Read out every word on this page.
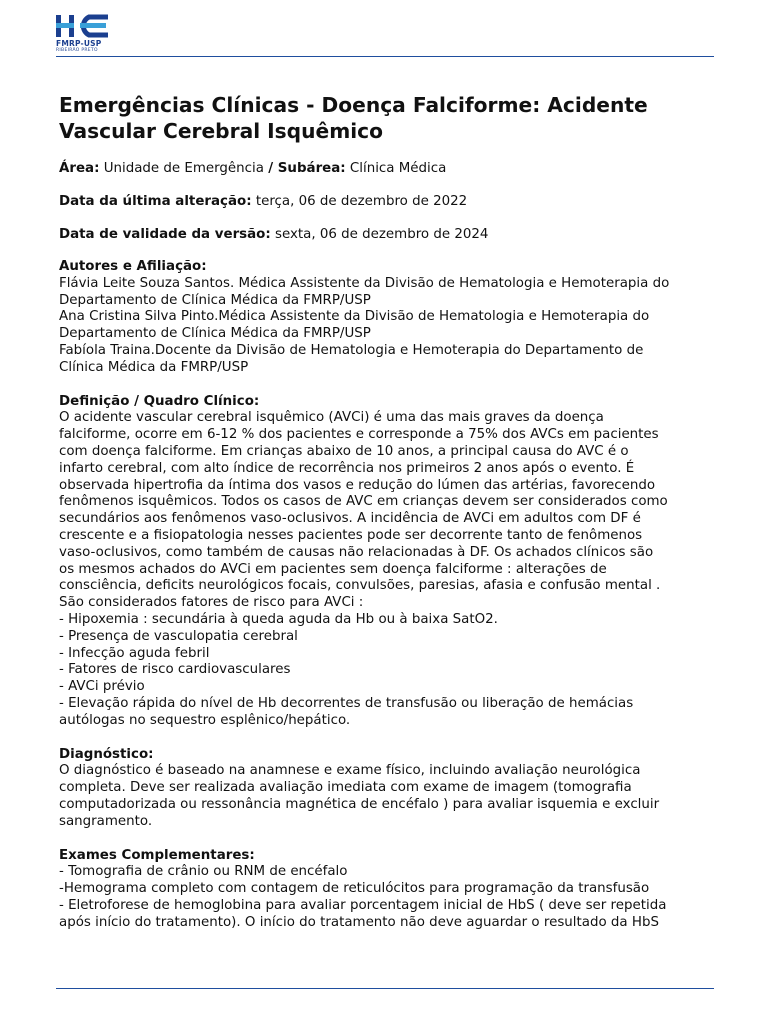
FMRP-USP
RIBEIRÃO PRETO
Emergências Clínicas - Doença Falciforme: Acidente
Vascular Cerebral Isquêmico

Área: Unidade de Emergência / Subárea: Clínica Médica

Data da última alteração: terça, 06 de dezembro de 2022

Data de validade da versão: sexta, 06 de dezembro de 2024

Autores e Afiliação:
Flávia Leite Souza Santos. Médica Assistente da Divisão de Hematologia e Hemoterapia do
Departamento de Clínica Médica da FMRP/USP
Ana Cristina Silva Pinto.Médica Assistente da Divisão de Hematologia e Hemoterapia do
Departamento de Clínica Médica da FMRP/USP
Fabíola Traina.Docente da Divisão de Hematologia e Hemoterapia do Departamento de
Clínica Médica da FMRP/USP
Definição / Quadro Clínico:
O acidente vascular cerebral isquêmico (AVCi) é uma das mais graves da doença
falciforme, ocorre em 6-12 % dos pacientes e corresponde a 75% dos AVCs em pacientes
com doença falciforme. Em crianças abaixo de 10 anos, a principal causa do AVC é o
infarto cerebral, com alto índice de recorrência nos primeiros 2 anos após o evento. É
observada hipertrofia da íntima dos vasos e redução do lúmen das artérias, favorecendo
fenômenos isquêmicos. Todos os casos de AVC em crianças devem ser considerados como
secundários aos fenômenos vaso-oclusivos. A incidência de AVCi em adultos com DF é
crescente e a fisiopatologia nesses pacientes pode ser decorrente tanto de fenômenos
vaso-oclusivos, como também de causas não relacionadas à DF. Os achados clínicos são
os mesmos achados do AVCi em pacientes sem doença falciforme : alterações de
consciência, deficits neurológicos focais, convulsões, paresias, afasia e confusão mental .
São considerados fatores de risco para AVCi :
- Hipoxemia : secundária à queda aguda da Hb ou à baixa SatO2.
- Presença de vasculopatia cerebral
- Infecção aguda febril
- Fatores de risco cardiovasculares
- AVCi prévio
- Elevação rápida do nível de Hb decorrentes de transfusão ou liberação de hemácias
autólogas no sequestro esplênico/hepático.
Diagnóstico:
O diagnóstico é baseado na anamnese e exame físico, incluindo avaliação neurológica
completa. Deve ser realizada avaliação imediata com exame de imagem (tomografia
computadorizada ou ressonância magnética de encéfalo ) para avaliar isquemia e excluir
sangramento.
Exames Complementares:
- Tomografia de crânio ou RNM de encéfalo
-Hemograma completo com contagem de reticulócitos para programação da transfusão
- Eletroforese de hemoglobina para avaliar porcentagem inicial de HbS ( deve ser repetida
após início do tratamento). O início do tratamento não deve aguardar o resultado da HbS
